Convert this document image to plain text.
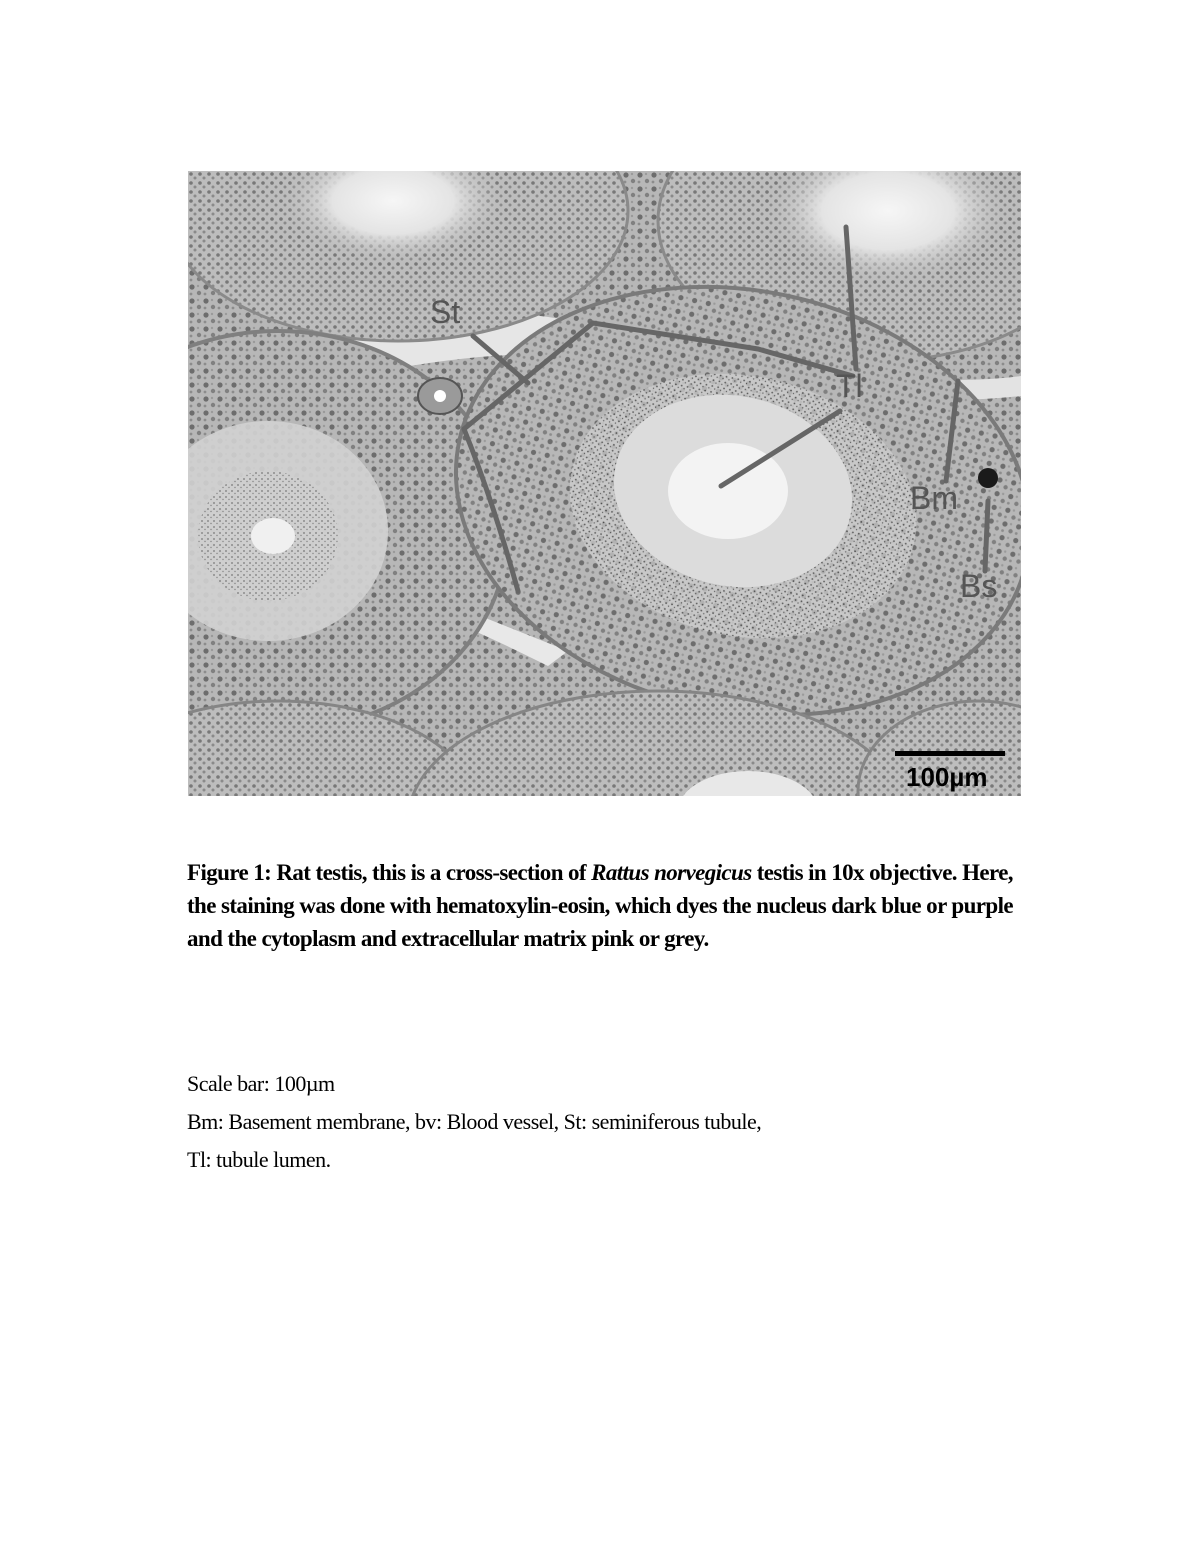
St
Tl
Bm
Bs
100µm

Figure 1: Rat testis, this is a cross-section of Rattus norvegicus testis in 10x objective. Here, the staining was done with hematoxylin-eosin, which dyes the nucleus dark blue or purple and the cytoplasm and extracellular matrix pink or grey.

Scale bar: 100µm

Bm: Basement membrane, bv: Blood vessel, St: seminiferous tubule,

Tl: tubule lumen.
